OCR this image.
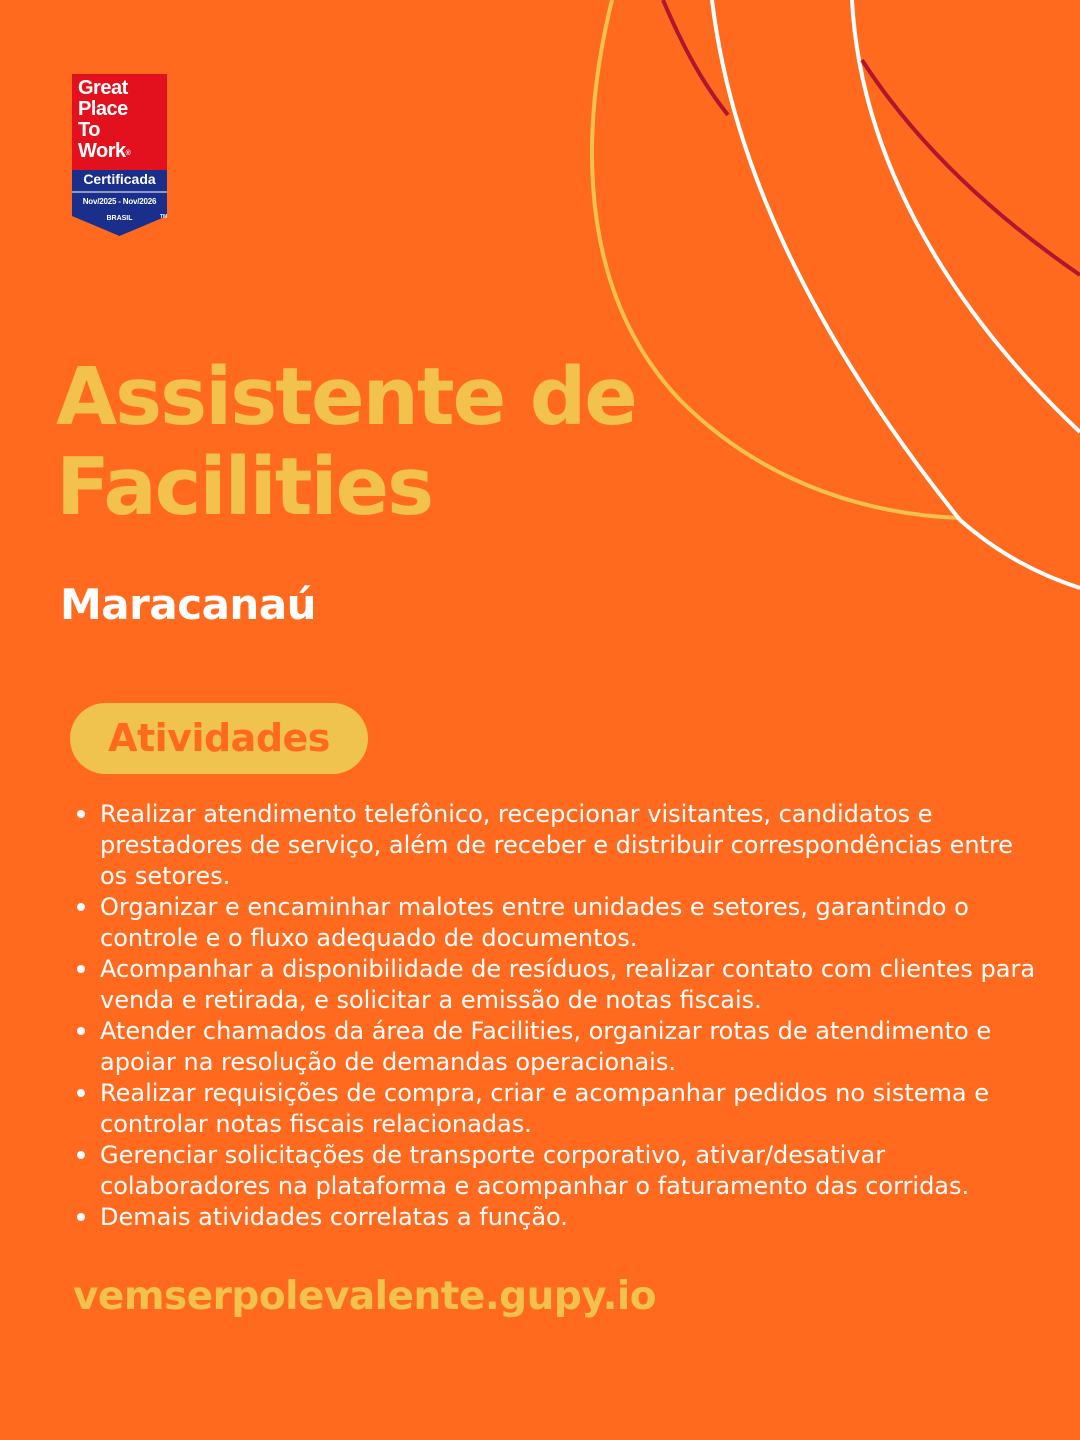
Great
Place
To
Work®
Certificada
Nov/2025 - Nov/2026
BRASIL	TM
Assistente de
Facilities
Maracanaú
Atividades
Realizar atendimento telefônico, recepcionar visitantes, candidatos e prestadores de serviço, além de receber e distribuir correspondências entre os setores.
Organizar e encaminhar malotes entre unidades e setores, garantindo o controle e o fluxo adequado de documentos.
Acompanhar a disponibilidade de resíduos, realizar contato com clientes para venda e retirada, e solicitar a emissão de notas fiscais.
Atender chamados da área de Facilities, organizar rotas de atendimento e apoiar na resolução de demandas operacionais.
Realizar requisições de compra, criar e acompanhar pedidos no sistema e controlar notas fiscais relacionadas.
Gerenciar solicitações de transporte corporativo, ativar/desativar colaboradores na plataforma e acompanhar o faturamento das corridas.
Demais atividades correlatas a função.
vemserpolevalente.gupy.io
